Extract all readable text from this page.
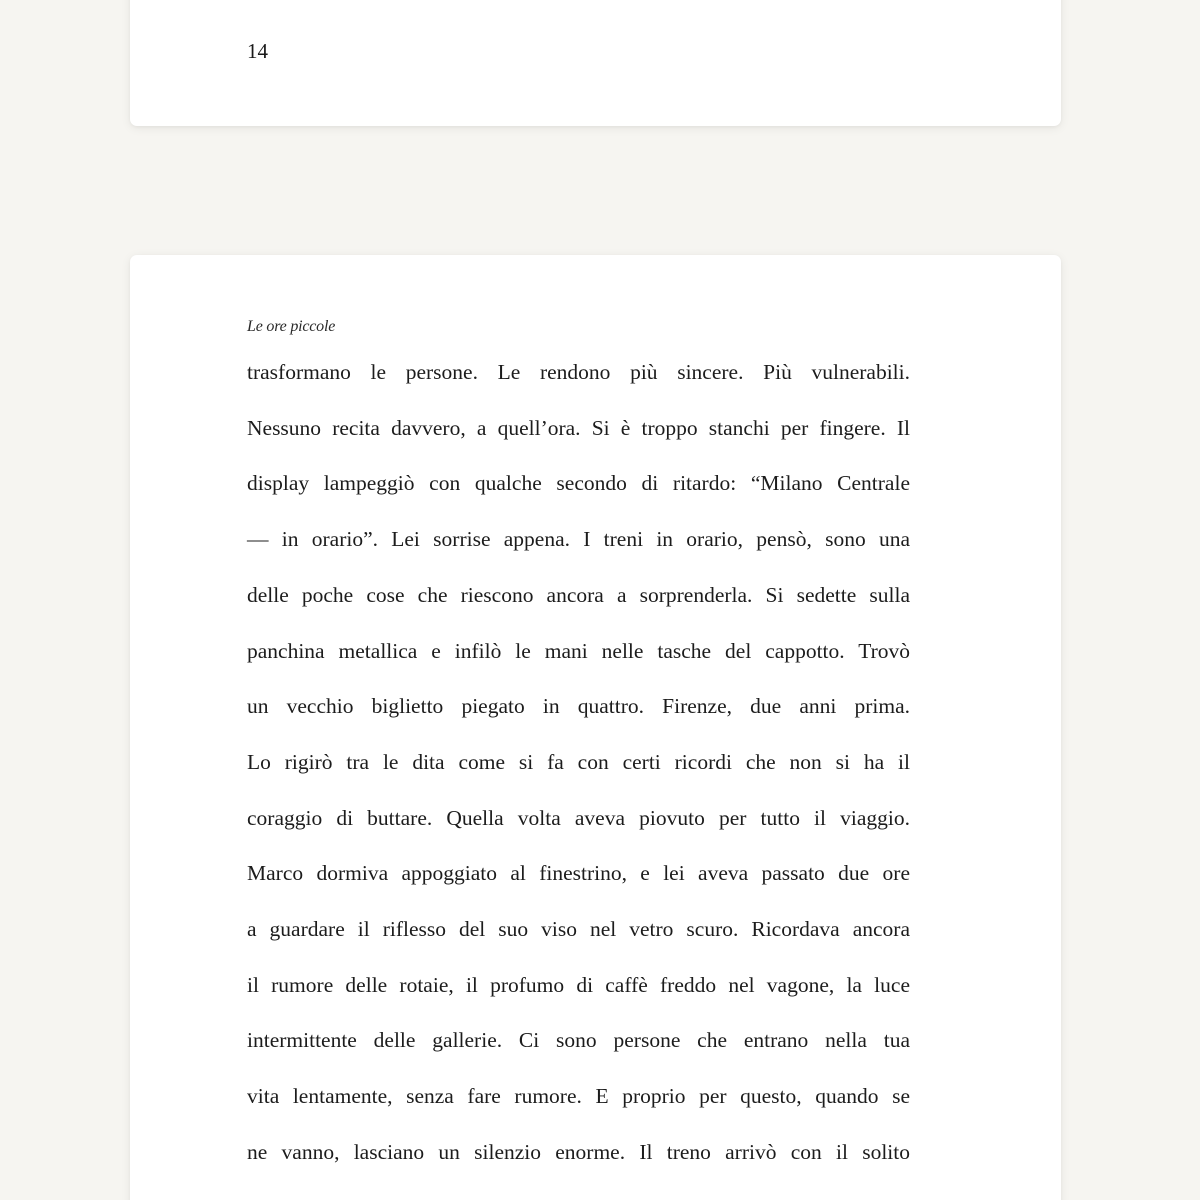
14

Le ore piccole

trasformano le persone. Le rendono più sincere. Più vulnerabili.
Nessuno recita davvero, a quell’ora. Si è troppo stanchi per fingere. Il
display lampeggiò con qualche secondo di ritardo: “Milano Centrale
— in orario”. Lei sorrise appena. I treni in orario, pensò, sono una
delle poche cose che riescono ancora a sorprenderla. Si sedette sulla
panchina metallica e infilò le mani nelle tasche del cappotto. Trovò
un vecchio biglietto piegato in quattro. Firenze, due anni prima.
Lo rigirò tra le dita come si fa con certi ricordi che non si ha il
coraggio di buttare. Quella volta aveva piovuto per tutto il viaggio.
Marco dormiva appoggiato al finestrino, e lei aveva passato due ore
a guardare il riflesso del suo viso nel vetro scuro. Ricordava ancora
il rumore delle rotaie, il profumo di caffè freddo nel vagone, la luce
intermittente delle gallerie. Ci sono persone che entrano nella tua
vita lentamente, senza fare rumore. E proprio per questo, quando se
ne vanno, lasciano un silenzio enorme. Il treno arrivò con il solito
